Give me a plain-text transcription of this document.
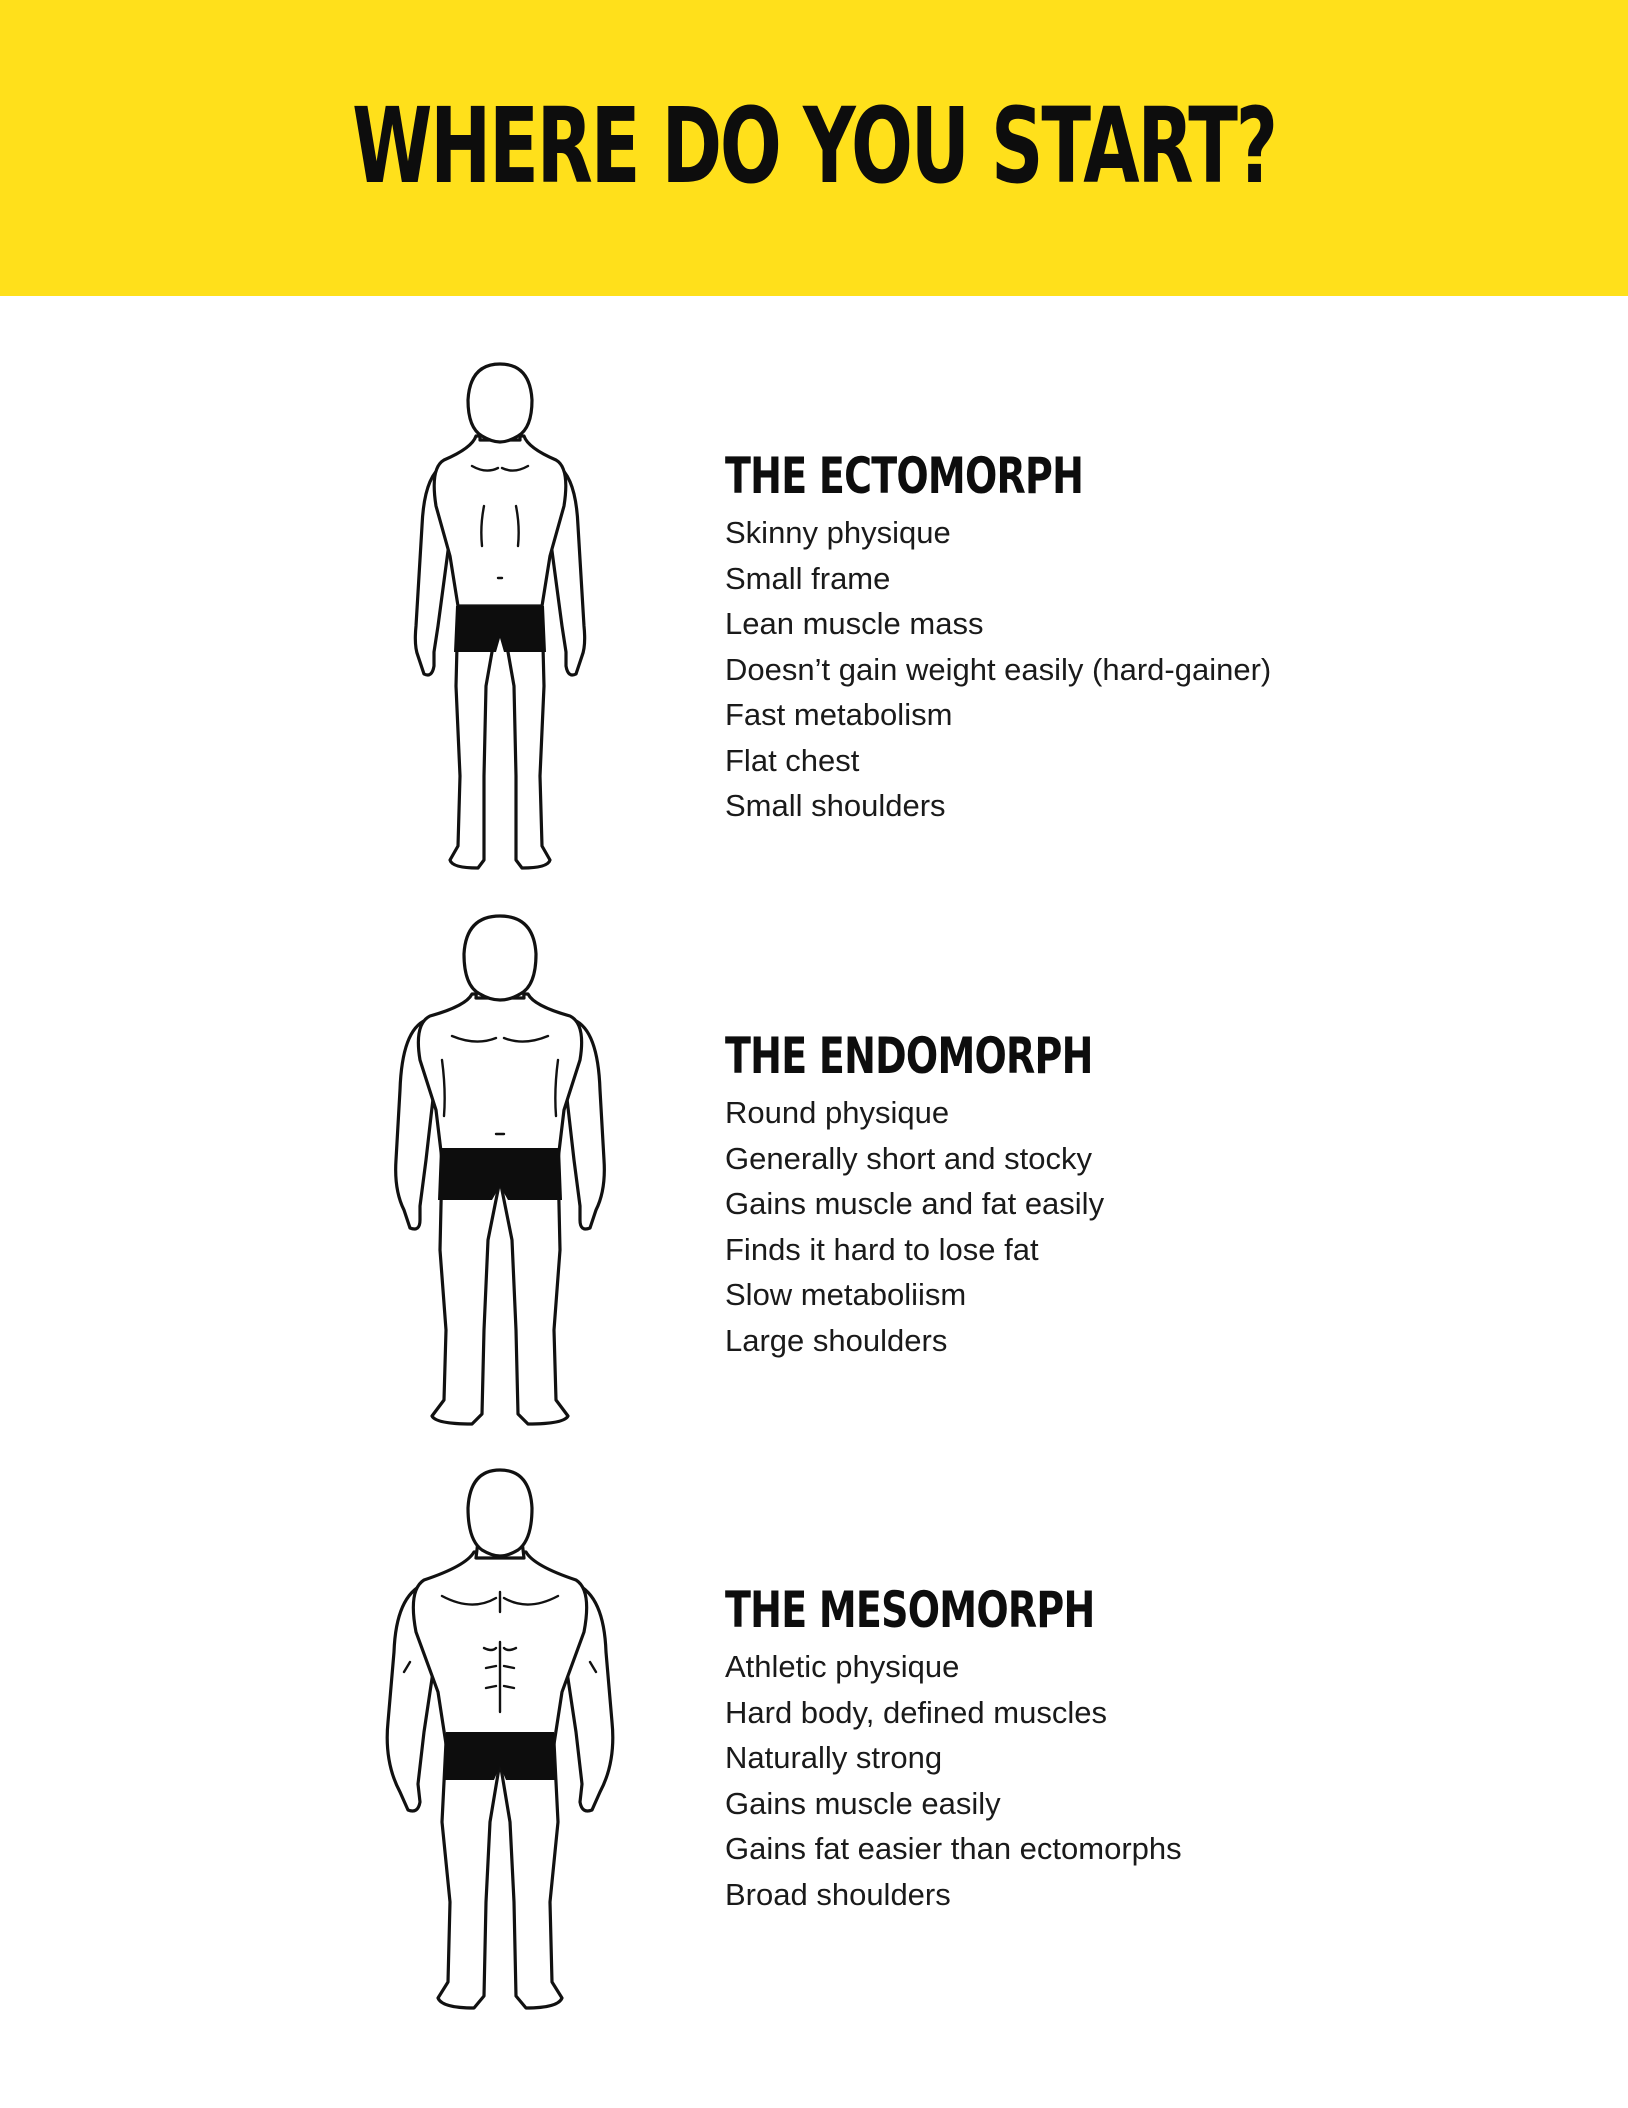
WHERE DO YOU START?
THE ECTOMORPH
Skinny physique
Small frame
Lean muscle mass
Doesn’t gain weight easily (hard-gainer)
Fast metabolism
Flat chest
Small shoulders
THE ENDOMORPH
Round physique
Generally short and stocky
Gains muscle and fat easily
Finds it hard to lose fat
Slow metaboliism
Large shoulders
THE MESOMORPH
Athletic physique
Hard body, defined muscles
Naturally strong
Gains muscle easily
Gains fat easier than ectomorphs
Broad shoulders
